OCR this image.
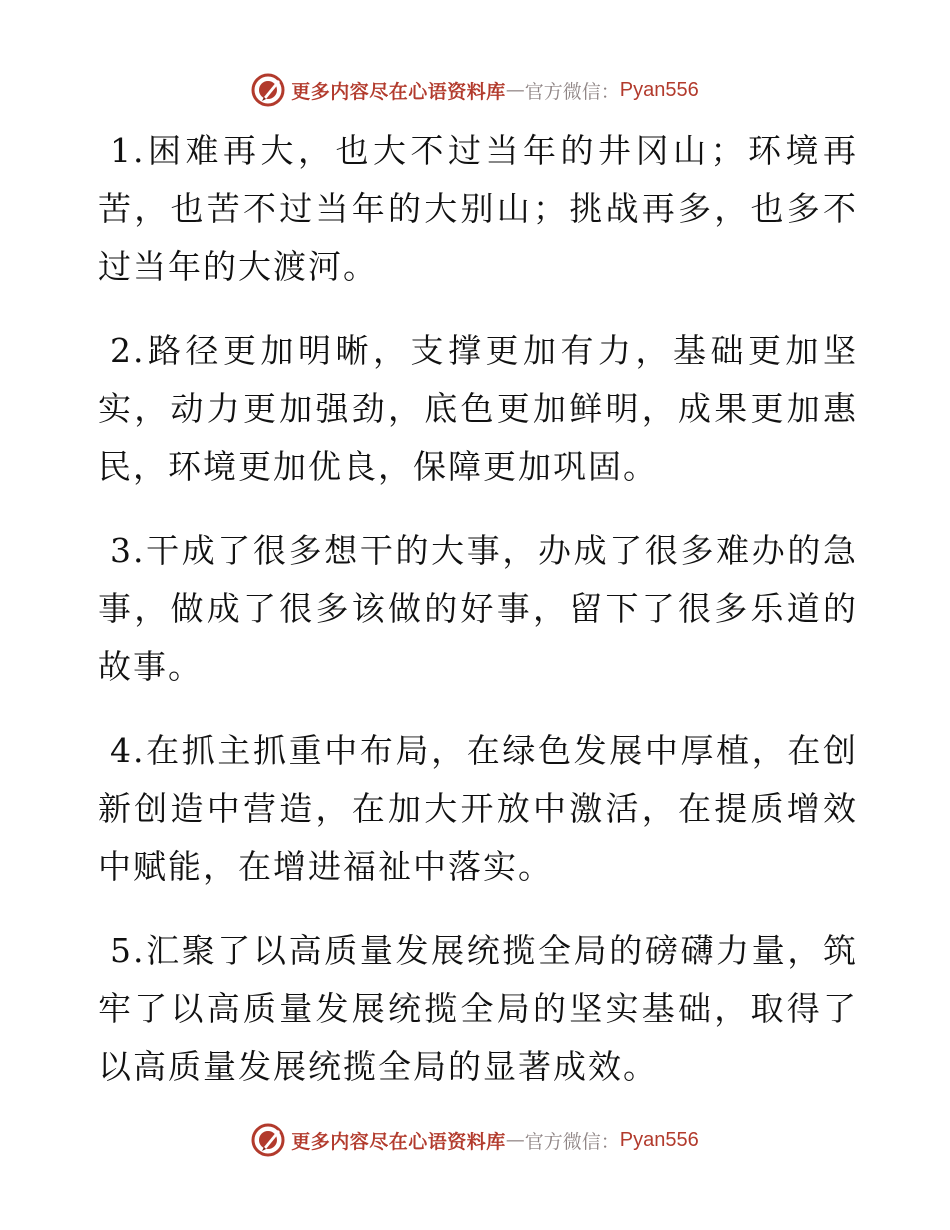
更多内容尽在心语资料库 — 官方微信： Pyan556

1.困难再大，也大不过当年的井冈山；环境再苦，也苦不过当年的大别山；挑战再多，也多不过当年的大渡河。

2.路径更加明晰，支撑更加有力，基础更加坚实，动力更加强劲，底色更加鲜明，成果更加惠民，环境更加优良，保障更加巩固。

3.干成了很多想干的大事，办成了很多难办的急事，做成了很多该做的好事，留下了很多乐道的故事。

4.在抓主抓重中布局，在绿色发展中厚植，在创新创造中营造，在加大开放中激活，在提质增效中赋能，在增进福祉中落实。

5.汇聚了以高质量发展统揽全局的磅礴力量，筑牢了以高质量发展统揽全局的坚实基础，取得了以高质量发展统揽全局的显著成效。

更多内容尽在心语资料库 — 官方微信： Pyan556
